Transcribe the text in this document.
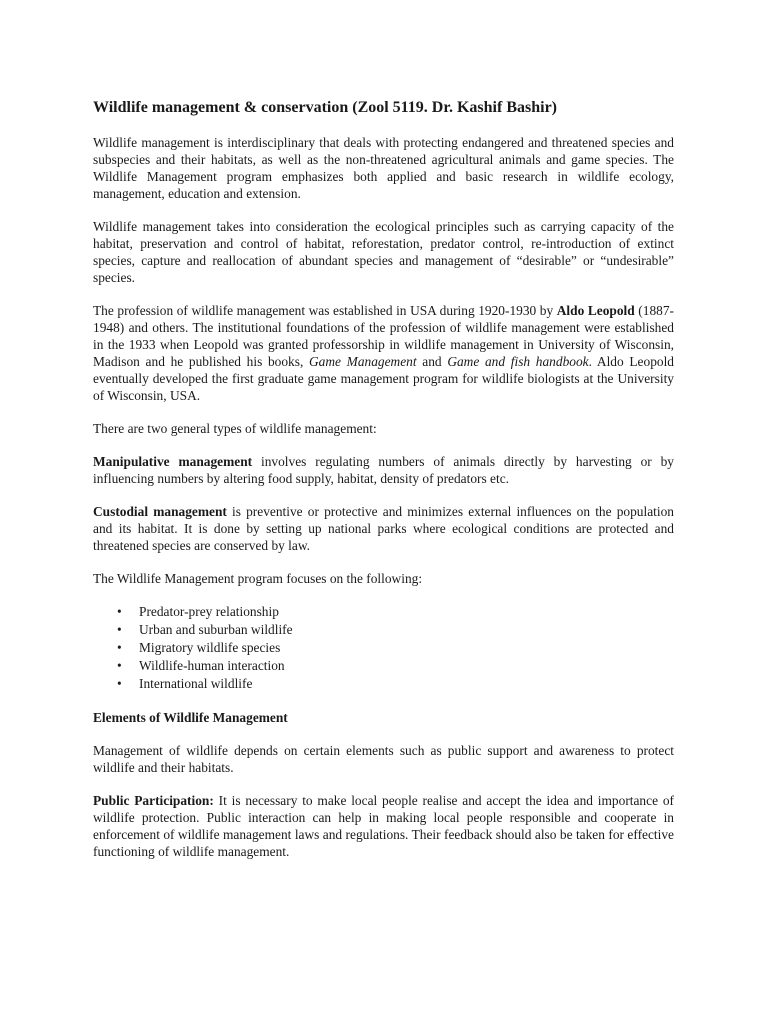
Wildlife management & conservation (Zool 5119. Dr. Kashif Bashir)

Wildlife management is interdisciplinary that deals with protecting endangered and threatened species and subspecies and their habitats, as well as the non-threatened agricultural animals and game species. The Wildlife Management program emphasizes both applied and basic research in wildlife ecology, management, education and extension.

Wildlife management takes into consideration the ecological principles such as carrying capacity of the habitat, preservation and control of habitat, reforestation, predator control, re-introduction of extinct species, capture and reallocation of abundant species and management of “desirable” or “undesirable” species.

The profession of wildlife management was established in USA during 1920-1930 by Aldo Leopold (1887-1948) and others. The institutional foundations of the profession of wildlife management were established in the 1933 when Leopold was granted professorship in wildlife management in University of Wisconsin, Madison and he published his books, Game Management and Game and fish handbook. Aldo Leopold eventually developed the first graduate game management program for wildlife biologists at the University of Wisconsin, USA.

There are two general types of wildlife management:

Manipulative management involves regulating numbers of animals directly by harvesting or by influencing numbers by altering food supply, habitat, density of predators etc.

Custodial management is preventive or protective and minimizes external influences on the population and its habitat. It is done by setting up national parks where ecological conditions are protected and threatened species are conserved by law.

The Wildlife Management program focuses on the following:

• Predator-prey relationship
• Urban and suburban wildlife
• Migratory wildlife species
• Wildlife-human interaction
• International wildlife
Elements of Wildlife Management

Management of wildlife depends on certain elements such as public support and awareness to protect wildlife and their habitats.

Public Participation: It is necessary to make local people realise and accept the idea and importance of wildlife protection. Public interaction can help in making local people responsible and cooperate in enforcement of wildlife management laws and regulations. Their feedback should also be taken for effective functioning of wildlife management.
